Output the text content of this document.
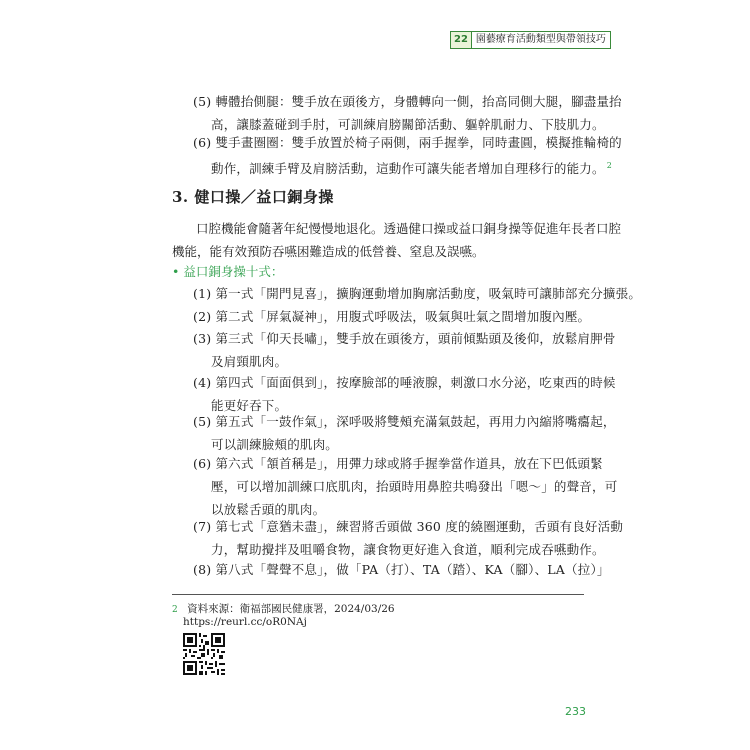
22 園藝療育活動類型與帶領技巧
(5) 轉體抬側腿：雙手放在頭後方，身體轉向一側，抬高同側大腿，腳盡量抬
高，讓膝蓋碰到手肘，可訓練肩膀關節活動、軀幹肌耐力、下肢肌力。
(6) 雙手畫圈圈：雙手放置於椅子兩側，兩手握拳，同時畫圓，模擬推輪椅的
動作，訓練手臂及肩膀活動，這動作可讓失能者增加自理移行的能力。 $^2$
3. 健口操／益口銅身操
口腔機能會隨著年紀慢慢地退化。透過健口操或益口銅身操等促進年長者口腔
機能，能有效預防吞嚥困難造成的低營養、窒息及誤嚥。
• 益口銅身操十式：
(1) 第一式「開門見喜」，擴胸運動增加胸廓活動度，吸氣時可讓肺部充分擴張。
(2) 第二式「屏氣凝神」，用腹式呼吸法，吸氣與吐氣之間增加腹內壓。
(3) 第三式「仰天長嘯」，雙手放在頭後方，頭前傾點頭及後仰，放鬆肩胛骨
及肩頸肌肉。
(4) 第四式「面面俱到」，按摩臉部的唾液腺，刺激口水分泌，吃東西的時候
能更好吞下。
(5) 第五式「一鼓作氣」，深呼吸將雙頰充滿氣鼓起，再用力內縮將嘴癟起，
可以訓練臉頰的肌肉。
(6) 第六式「頷首稱是」，用彈力球或將手握拳當作道具，放在下巴低頭緊
壓，可以增加訓練口底肌肉，抬頭時用鼻腔共鳴發出「嗯～」的聲音，可
以放鬆舌頭的肌肉。
(7) 第七式「意猶未盡」，練習將舌頭做 360 度的繞圈運動，舌頭有良好活動
力，幫助攪拌及咀嚼食物，讓食物更好進入食道，順利完成吞嚥動作。
(8) 第八式「聲聲不息」，做「PA（打）、TA（踏）、KA（腳）、LA（拉）」
2 資料來源：衛福部國民健康署，2024/03/26
https://reurl.cc/oR0NAj
233
